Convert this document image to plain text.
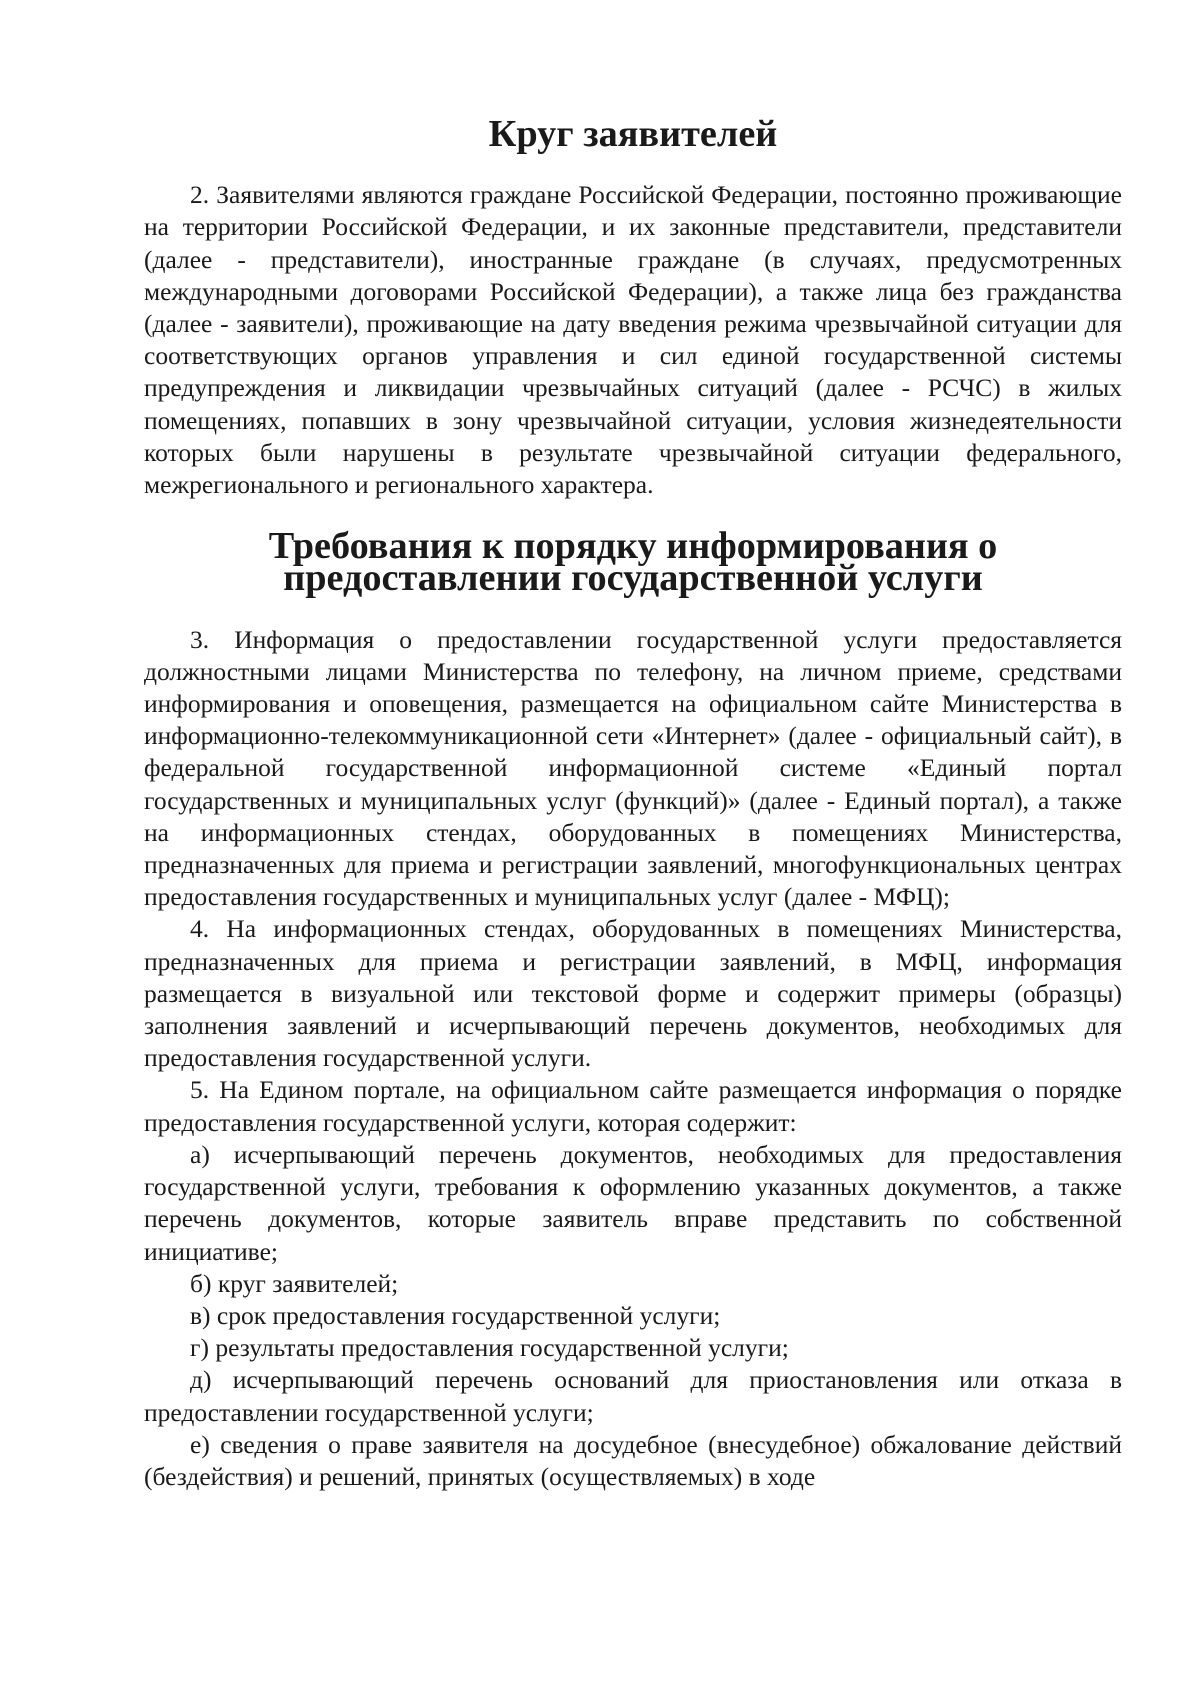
Круг заявителей

2. Заявителями являются граждане Российской Федерации, постоянно проживающие на территории Российской Федерации, и их законные представители, представители (далее - представители), иностранные граждане (в случаях, предусмотренных международными договорами Российской Федерации), а также лица без гражданства (далее - заявители), проживающие на дату введения режима чрезвычайной ситуации для соответствующих органов управления и сил единой государственной системы предупреждения и ликвидации чрезвычайных ситуаций (далее - РСЧС) в жилых помещениях, попавших в зону чрезвычайной ситуации, условия жизнедеятельности которых были нарушены в результате чрезвычайной ситуации федерального, межрегионального и регионального характера.

Требования к порядку информирования о предоставлении государственной услуги

3. Информация о предоставлении государственной услуги предоставляется должностными лицами Министерства по телефону, на личном приеме, средствами информирования и оповещения, размещается на официальном сайте Министерства в информационно-телекоммуникационной сети «Интернет» (далее - официальный сайт), в федеральной государственной информационной системе «Единый портал государственных и муниципальных услуг (функций)» (далее - Единый портал), а также на информационных стендах, оборудованных в помещениях Министерства, предназначенных для приема и регистрации заявлений, многофункциональных центрах предоставления государственных и муниципальных услуг (далее - МФЦ);

4. На информационных стендах, оборудованных в помещениях Министерства, предназначенных для приема и регистрации заявлений, в МФЦ, информация размещается в визуальной или текстовой форме и содержит примеры (образцы) заполнения заявлений и исчерпывающий перечень документов, необходимых для предоставления государственной услуги.

5. На Едином портале, на официальном сайте размещается информация о порядке предоставления государственной услуги, которая содержит:

а) исчерпывающий перечень документов, необходимых для предоставления государственной услуги, требования к оформлению указанных документов, а также перечень документов, которые заявитель вправе представить по собственной инициативе;

б) круг заявителей;

в) срок предоставления государственной услуги;

г) результаты предоставления государственной услуги;

д) исчерпывающий перечень оснований для приостановления или отказа в предоставлении государственной услуги;

е) сведения о праве заявителя на досудебное (внесудебное) обжалование действий (бездействия) и решений, принятых (осуществляемых) в ходе
